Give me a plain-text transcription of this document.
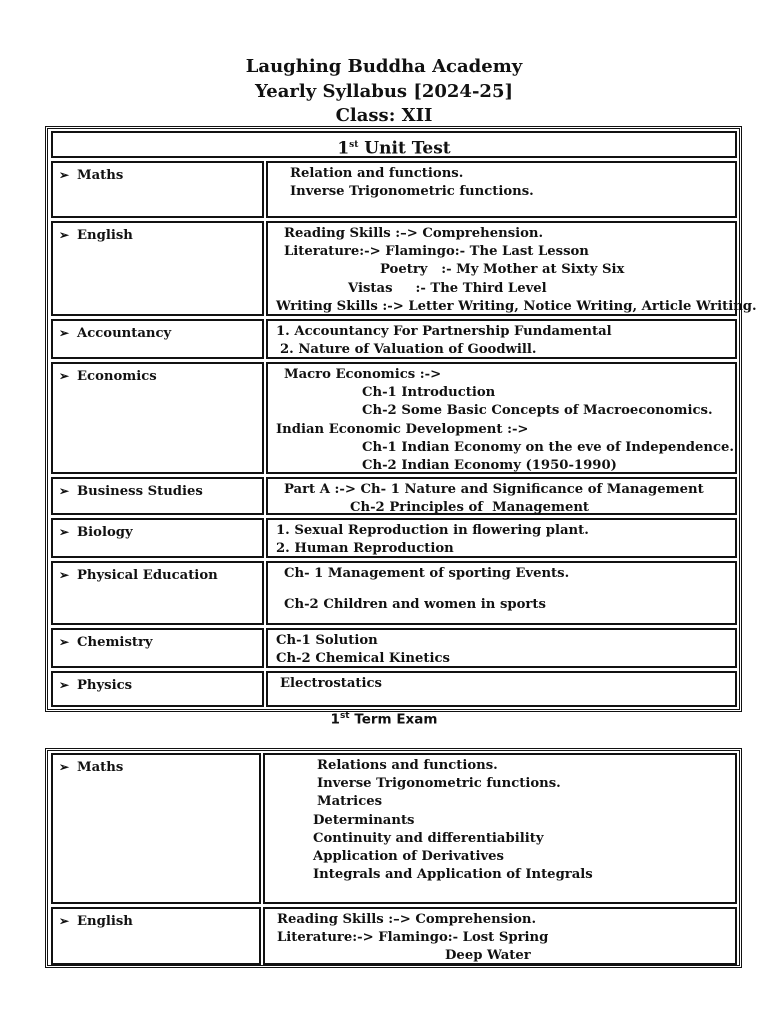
Laughing Buddha Academy
Yearly Syllabus [2024-25]
Class: XII
1st Unit Test
➢ Maths	Relation and functions.
Inverse Trigonometric functions.
➢ English	Reading Skills :–> Comprehension.
Literature:-> Flamingo:- The Last Lesson
Poetry   :- My Mother at Sixty Six
Vistas     :- The Third Level
Writing Skills :-> Letter Writing, Notice Writing, Article Writing.
➢ Accountancy	1. Accountancy For Partnership Fundamental
2. Nature of Valuation of Goodwill.
➢ Economics	Macro Economics :->
Ch-1 Introduction
Ch-2 Some Basic Concepts of Macroeconomics.
Indian Economic Development :->
Ch-1 Indian Economy on the eve of Independence.
Ch-2 Indian Economy (1950-1990)
➢ Business Studies	Part A :-> Ch- 1 Nature and Significance of Management
Ch-2 Principles of  Management
➢ Biology	1. Sexual Reproduction in flowering plant.
2. Human Reproduction
➢ Physical Education	Ch- 1 Management of sporting Events.
Ch-2 Children and women in sports
➢ Chemistry	Ch-1 Solution
Ch-2 Chemical Kinetics
➢ Physics	Electrostatics
1st Term Exam
➢ Maths	Relations and functions.
Inverse Trigonometric functions.
Matrices
Determinants
Continuity and differentiability
Application of Derivatives
Integrals and Application of Integrals
➢ English	Reading Skills :–> Comprehension.
Literature:-> Flamingo:- Lost Spring
Deep Water
